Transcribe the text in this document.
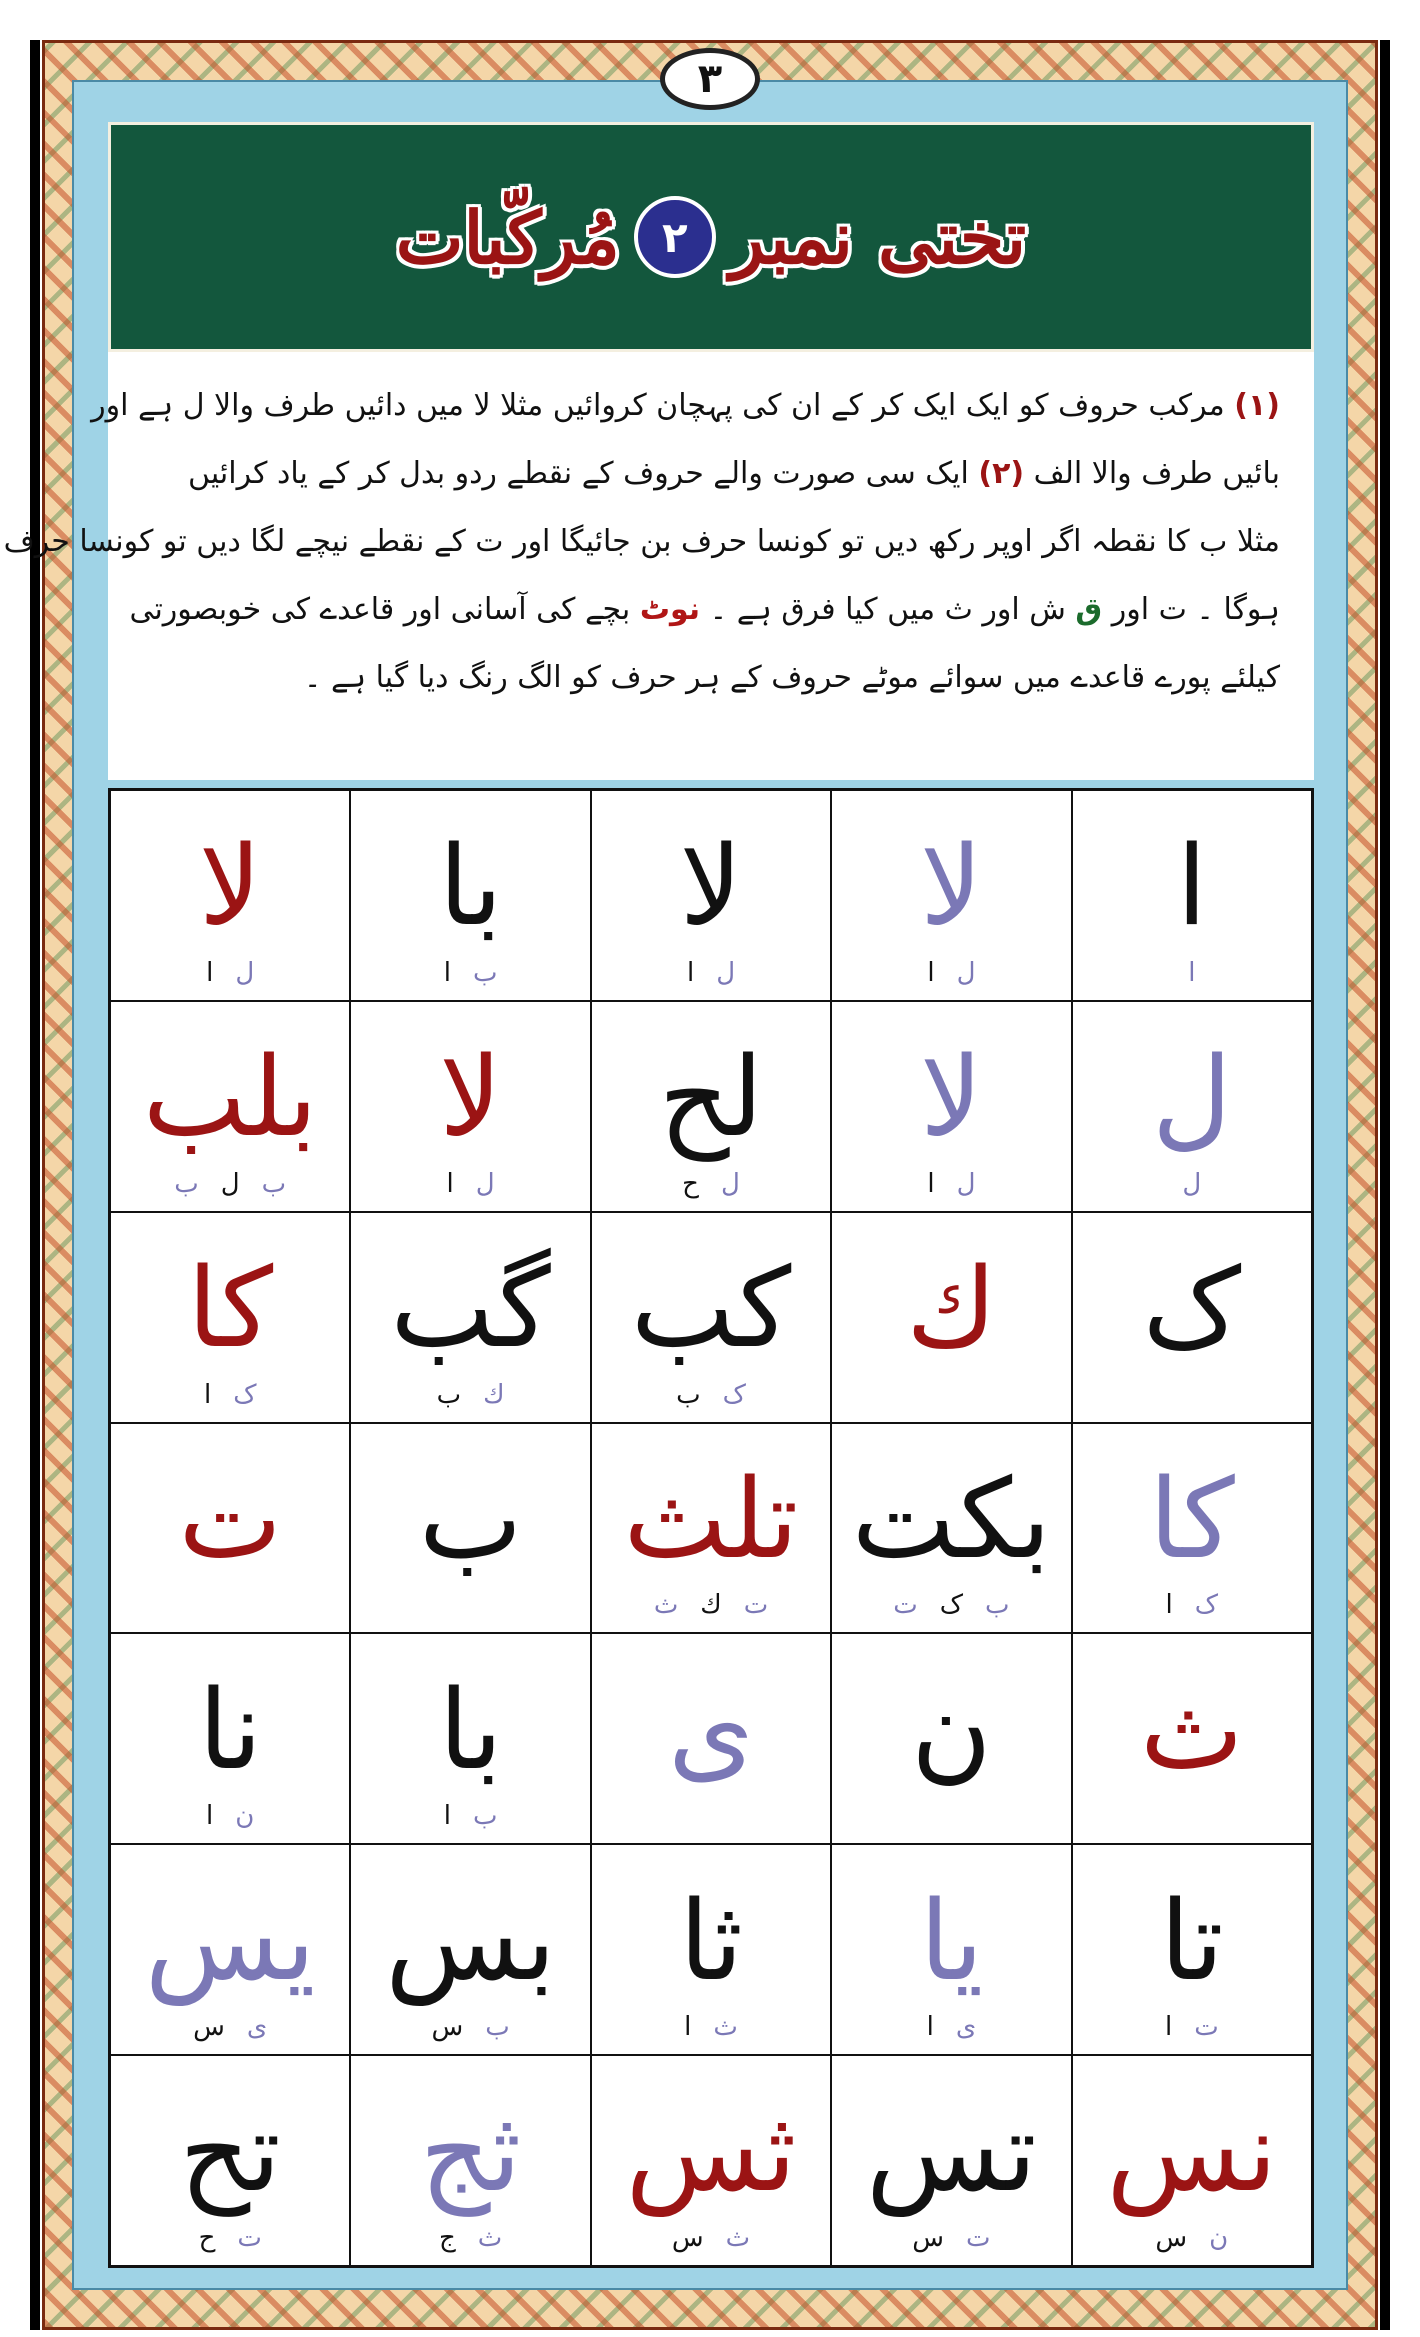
۳
تختی نمبر
۲
مُرکّبات
(۱) مرکب حروف کو ایک ایک کر کے ان کی پہچان کروائیں مثلا لا میں دائیں طرف والا ل ہے اور
بائیں طرف والا الف (۲) ایک سی صورت والے حروف کے نقطے ردو بدل کر کے یاد کرائیں
مثلا ب کا نقطہ اگر اوپر رکھ دیں تو کونسا حرف بن جائیگا اور ت کے نقطے نیچے لگا دیں تو کونسا حرف
ہوگا ۔ ت اور ق ش اور ث میں کیا فرق ہے ۔ نوٹ بچے کی آسانی اور قاعدے کی خوبصورتی
کیلئے پورے قاعدے میں سوائے موٹے حروف کے ہر حرف کو الگ رنگ دیا گیا ہے ۔
ا
ا
لا
ل
ا
لا
ل
ا
با
ب
ا
لا
ل
ا
ل
ل
لا
ل
ا
لح
ل
ح
لا
ل
ا
بلب
ب
ل
ب
ک
ك
کب
ک
ب
گب
ك
ب
کا
ک
ا
کا
ک
ا
بکت
ب
ک
ت
تلث
ت
ك
ث
ب
ت
ث
ن
ی
با
ب
ا
نا
ن
ا
تا
ت
ا
یا
ی
ا
ثا
ث
ا
بس
ب
س
یس
ی
س
نس
ن
س
تس
ت
س
ثس
ث
س
ثج
ث
ج
تح
ت
ح
